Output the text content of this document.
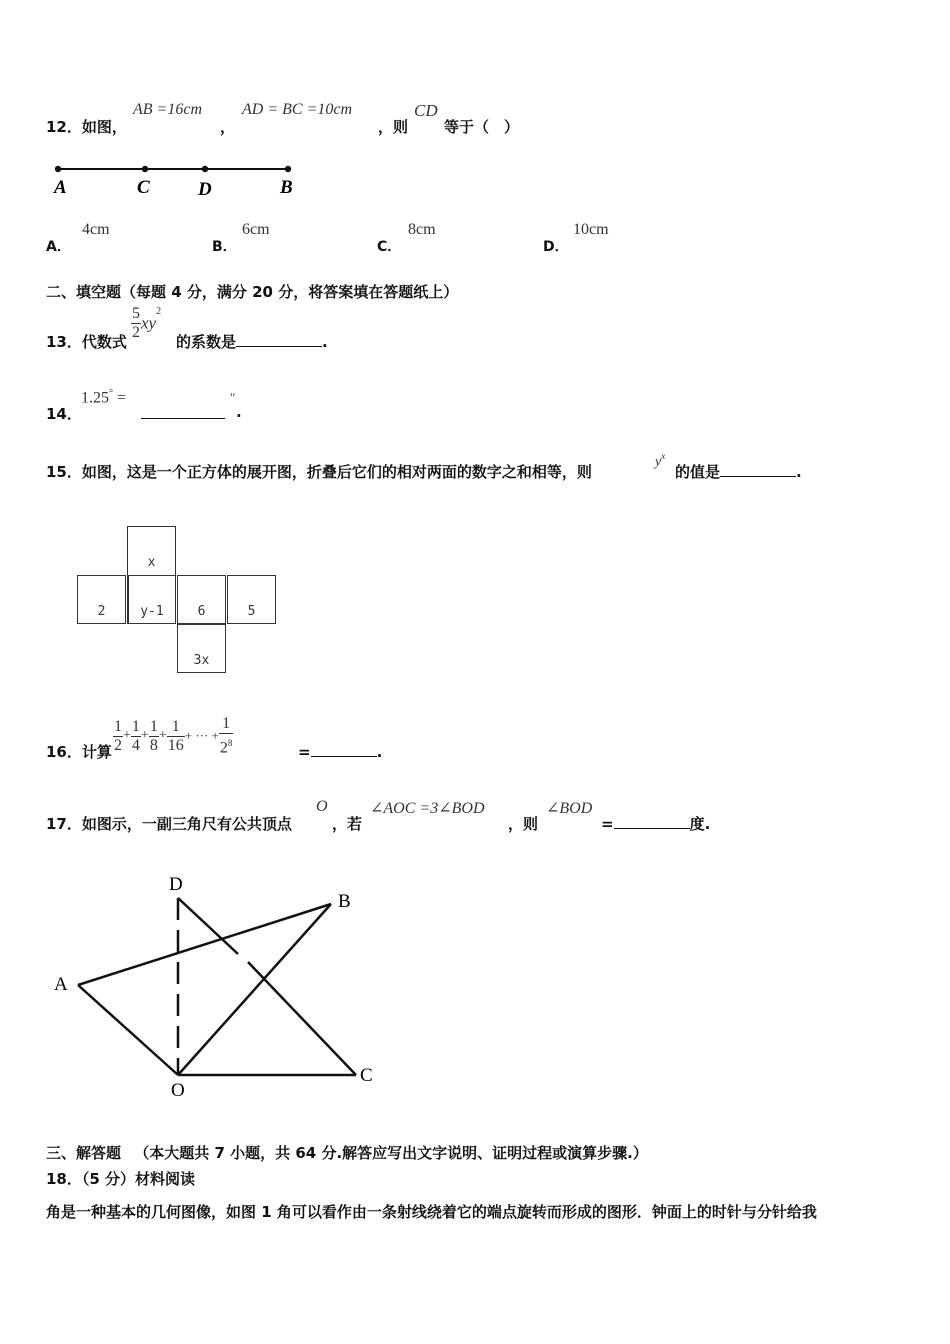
12．如图，
AB =16cm
，
AD = BC =10cm
，则
CD
等于（　）
A	C	D	B
A．
4cm
B．
6cm
C．
8cm
D．
10cm
二、填空题（每题 4 分，满分 20 分，将答案填在答题纸上）
13．代数式 $\frac{5}{2} xy^2$
的系数是	.
14．
1.25° =	″
.
15．如图，这是一个正方体的展开图，折叠后它们的相对两面的数字之和相等，则
$y^x$
的值是	.
x
2	y-1	6	5
3x
16．计算 $\frac{1}{2} + \frac{1}{4} + \frac{1}{8} + \frac{1}{16}$ + ··· + $\frac{1}{2^8}$	=	.
17．如图示，一副三角尺有公共顶点
O
，若
∠AOC =3∠BOD
，则
∠BOD
=	度.
D
B
A
O
C
三、解答题 （本大题共 7 小题，共 64 分.解答应写出文字说明、证明过程或演算步骤.）
18．（5 分）材料阅读
角是一种基本的几何图像，如图 1 角可以看作由一条射线绕着它的端点旋转而形成的图形．钟面上的时针与分针给我
